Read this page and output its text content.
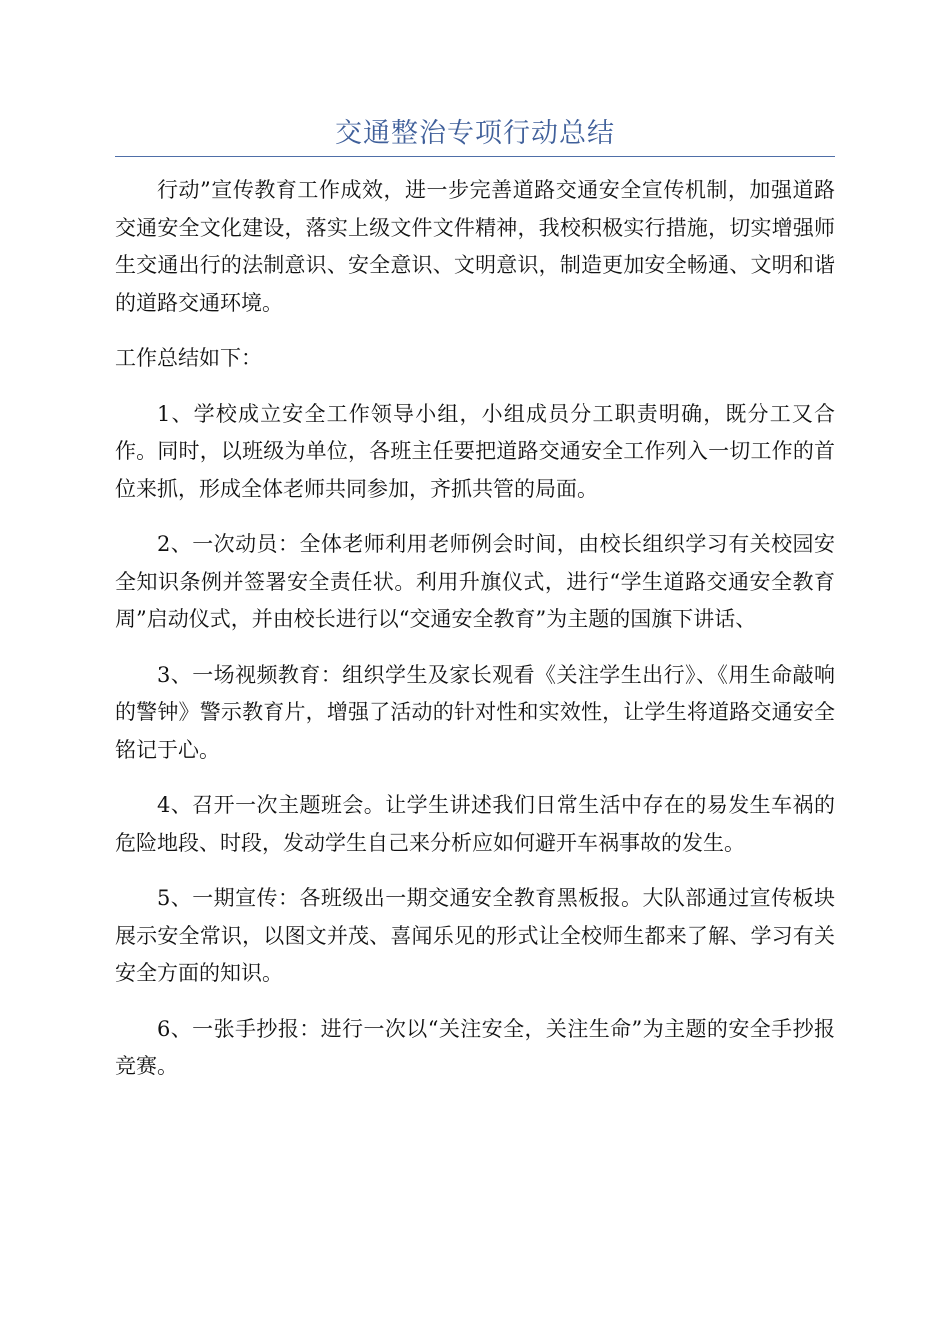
交通整治专项行动总结

行动”宣传教育工作成效，进一步完善道路交通安全宣传机制，加强道路交通安全文化建设，落实上级文件文件精神，我校积极实行措施，切实增强师生交通出行的法制意识、安全意识、文明意识，制造更加安全畅通、文明和谐的道路交通环境。

工作总结如下：

1、学校成立安全工作领导小组，小组成员分工职责明确，既分工又合作。同时，以班级为单位，各班主任要把道路交通安全工作列入一切工作的首位来抓，形成全体老师共同参加，齐抓共管的局面。

2、一次动员：全体老师利用老师例会时间，由校长组织学习有关校园安全知识条例并签署安全责任状。利用升旗仪式，进行“学生道路交通安全教育周”启动仪式，并由校长进行以“交通安全教育”为主题的国旗下讲话、

3、一场视频教育：组织学生及家长观看《关注学生出行》、《用生命敲响的警钟》警示教育片，增强了活动的针对性和实效性，让学生将道路交通安全铭记于心。

4、召开一次主题班会。让学生讲述我们日常生活中存在的易发生车祸的危险地段、时段，发动学生自己来分析应如何避开车祸事故的发生。

5、一期宣传：各班级出一期交通安全教育黑板报。大队部通过宣传板块展示安全常识，以图文并茂、喜闻乐见的形式让全校师生都来了解、学习有关安全方面的知识。

6、一张手抄报：进行一次以“关注安全，关注生命”为主题的安全手抄报竞赛。
